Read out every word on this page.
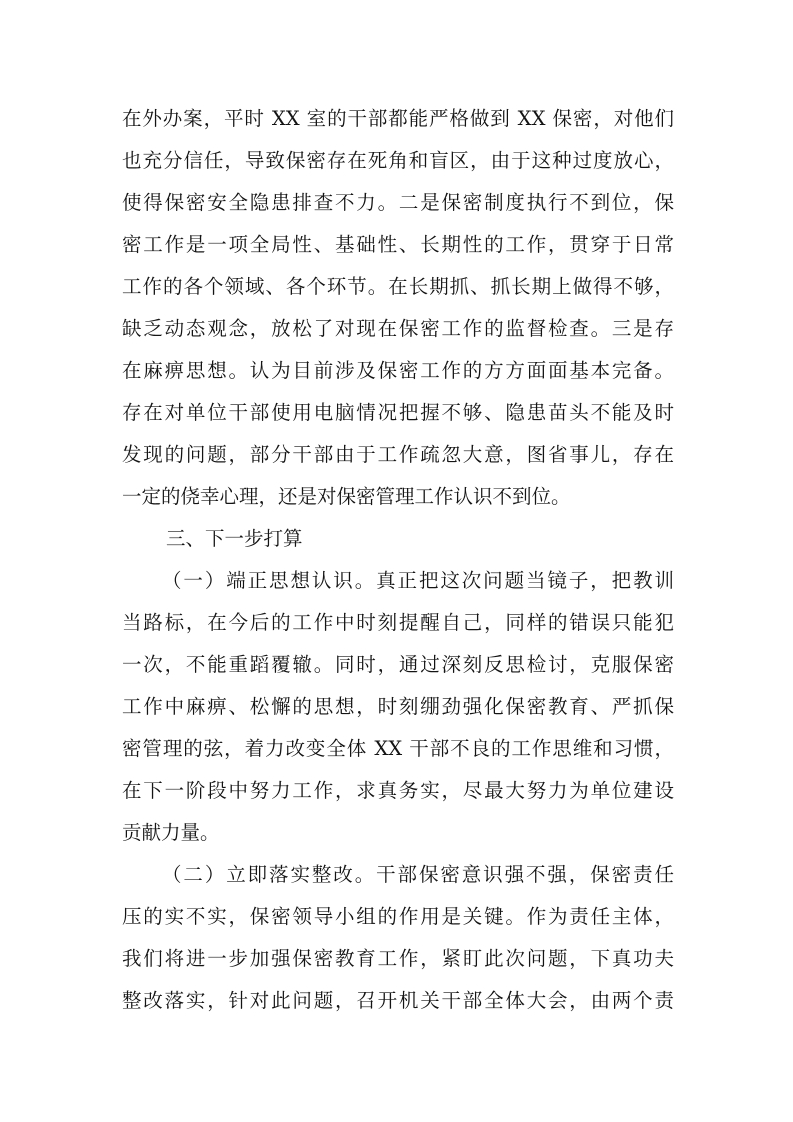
在外办案，平时 XX 室的干部都能严格做到 XX 保密，对他们
也充分信任，导致保密存在死角和盲区，由于这种过度放心，
使得保密安全隐患排查不力。二是保密制度执行不到位，保
密工作是一项全局性、基础性、长期性的工作，贯穿于日常
工作的各个领域、各个环节。在长期抓、抓长期上做得不够，
缺乏动态观念，放松了对现在保密工作的监督检查。三是存
在麻痹思想。认为目前涉及保密工作的方方面面基本完备。
存在对单位干部使用电脑情况把握不够、隐患苗头不能及时
发现的问题，部分干部由于工作疏忽大意，图省事儿，存在
一定的侥幸心理，还是对保密管理工作认识不到位。
三、下一步打算
（一）端正思想认识。真正把这次问题当镜子，把教训
当路标，在今后的工作中时刻提醒自己，同样的错误只能犯
一次，不能重蹈覆辙。同时，通过深刻反思检讨，克服保密
工作中麻痹、松懈的思想，时刻绷劲强化保密教育、严抓保
密管理的弦，着力改变全体 XX 干部不良的工作思维和习惯，
在下一阶段中努力工作，求真务实，尽最大努力为单位建设
贡献力量。
（二）立即落实整改。干部保密意识强不强，保密责任
压的实不实，保密领导小组的作用是关键。作为责任主体，
我们将进一步加强保密教育工作，紧盯此次问题，下真功夫
整改落实，针对此问题，召开机关干部全体大会，由两个责
